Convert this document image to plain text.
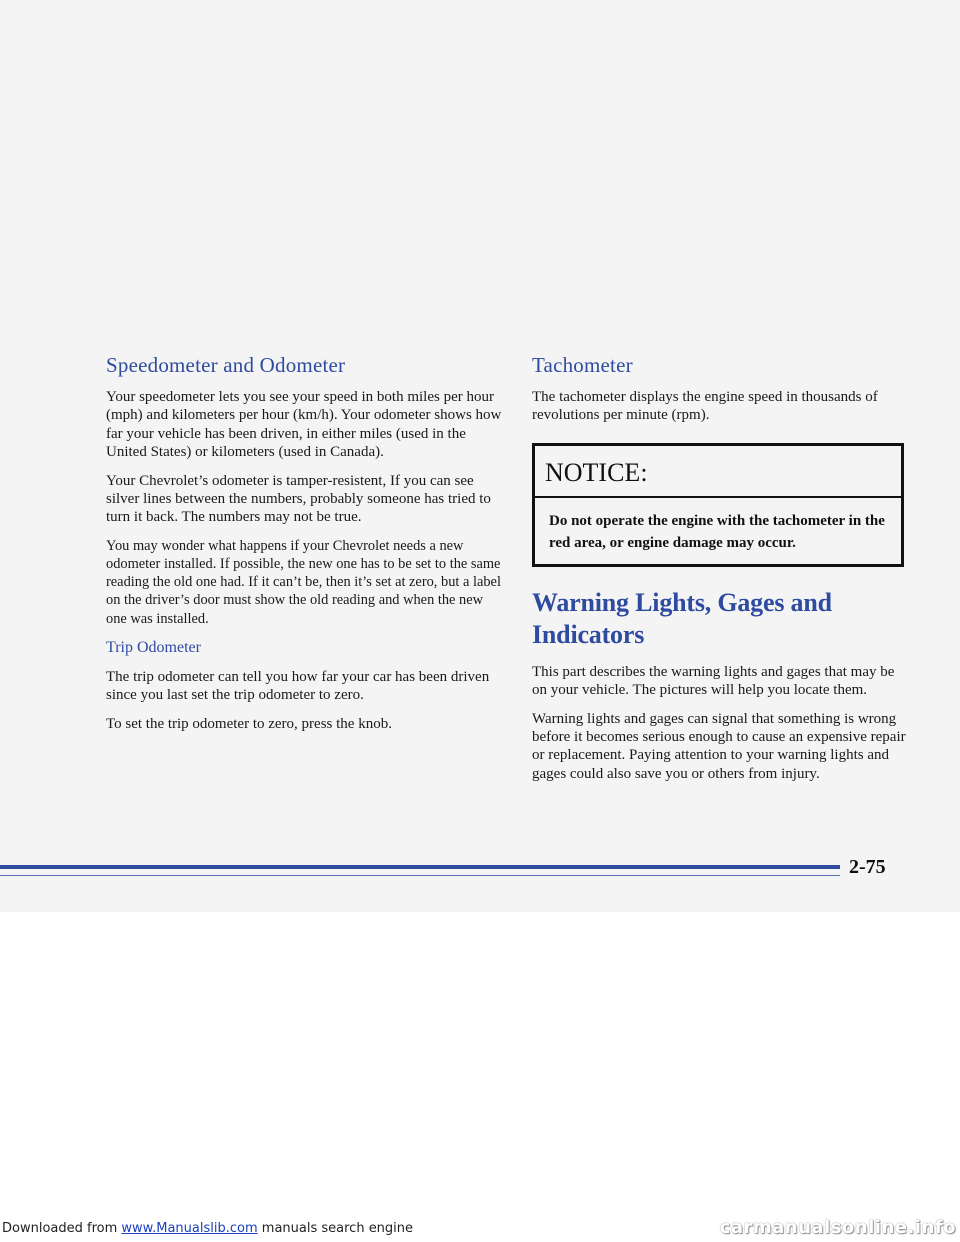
Speedometer and Odometer

Your speedometer lets you see your speed in both miles per hour (mph) and kilometers per hour (km/h). Your odometer shows how far your vehicle has been driven, in either miles (used in the United States) or kilometers (used in Canada).

Your Chevrolet’s odometer is tamper-resistent, If you can see silver lines between the numbers, probably someone has tried to turn it back. The numbers may not be true.

You may wonder what happens if your Chevrolet needs a new odometer installed. If possible, the new one has to be set to the same reading the old one had. If it can’t be, then it’s set at zero, but a label on the driver’s door must show the old reading and when the new one was installed.

Trip Odometer

The trip odometer can tell you how far your car has been driven since you last set the trip odometer to zero.

To set the trip odometer to zero, press the knob.

Tachometer

The tachometer displays the engine speed in thousands of revolutions per minute (rpm).

NOTICE:
Do not operate the engine with the tachometer in the red area, or engine damage may occur.
Warning Lights, Gages and Indicators

This part describes the warning lights and gages that may be on your vehicle. The pictures will help you locate them.

Warning lights and gages can signal that something is wrong before it becomes serious enough to cause an expensive repair or replacement. Paying attention to your warning lights and gages could also save you or others from injury.

2-75
Downloaded from www.Manualslib.com manuals search engine	carmanualsonline.info
